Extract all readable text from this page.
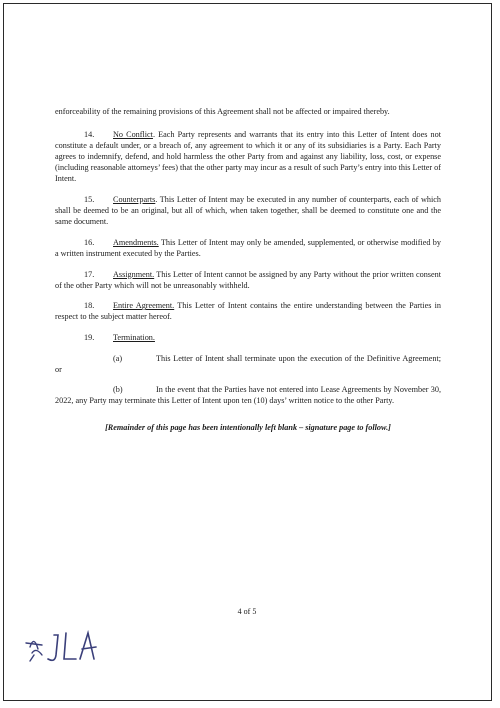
enforceability of the remaining provisions of this Agreement shall not be affected or impaired thereby.

14. No Conflict. Each Party represents and warrants that its entry into this Letter of Intent does not constitute a default under, or a breach of, any agreement to which it or any of its subsidiaries is a Party. Each Party agrees to indemnify, defend, and hold harmless the other Party from and against any liability, loss, cost, or expense (including reasonable attorneys’ fees) that the other party may incur as a result of such Party’s entry into this Letter of Intent.

15. Counterparts. This Letter of Intent may be executed in any number of counterparts, each of which shall be deemed to be an original, but all of which, when taken together, shall be deemed to constitute one and the same document.

16. Amendments. This Letter of Intent may only be amended, supplemented, or otherwise modified by a written instrument executed by the Parties.

17. Assignment. This Letter of Intent cannot be assigned by any Party without the prior written consent of the other Party which will not be unreasonably withheld.

18. Entire Agreement. This Letter of Intent contains the entire understanding between the Parties in respect to the subject matter hereof.

19. Termination.

(a)	This Letter of Intent shall terminate upon the execution of the Definitive Agreement; or

(b)	In the event that the Parties have not entered into Lease Agreements by November 30, 2022, any Party may terminate this Letter of Intent upon ten (10) days’ written notice to the other Party.

[Remainder of this page has been intentionally left blank – signature page to follow.]

4 of 5
